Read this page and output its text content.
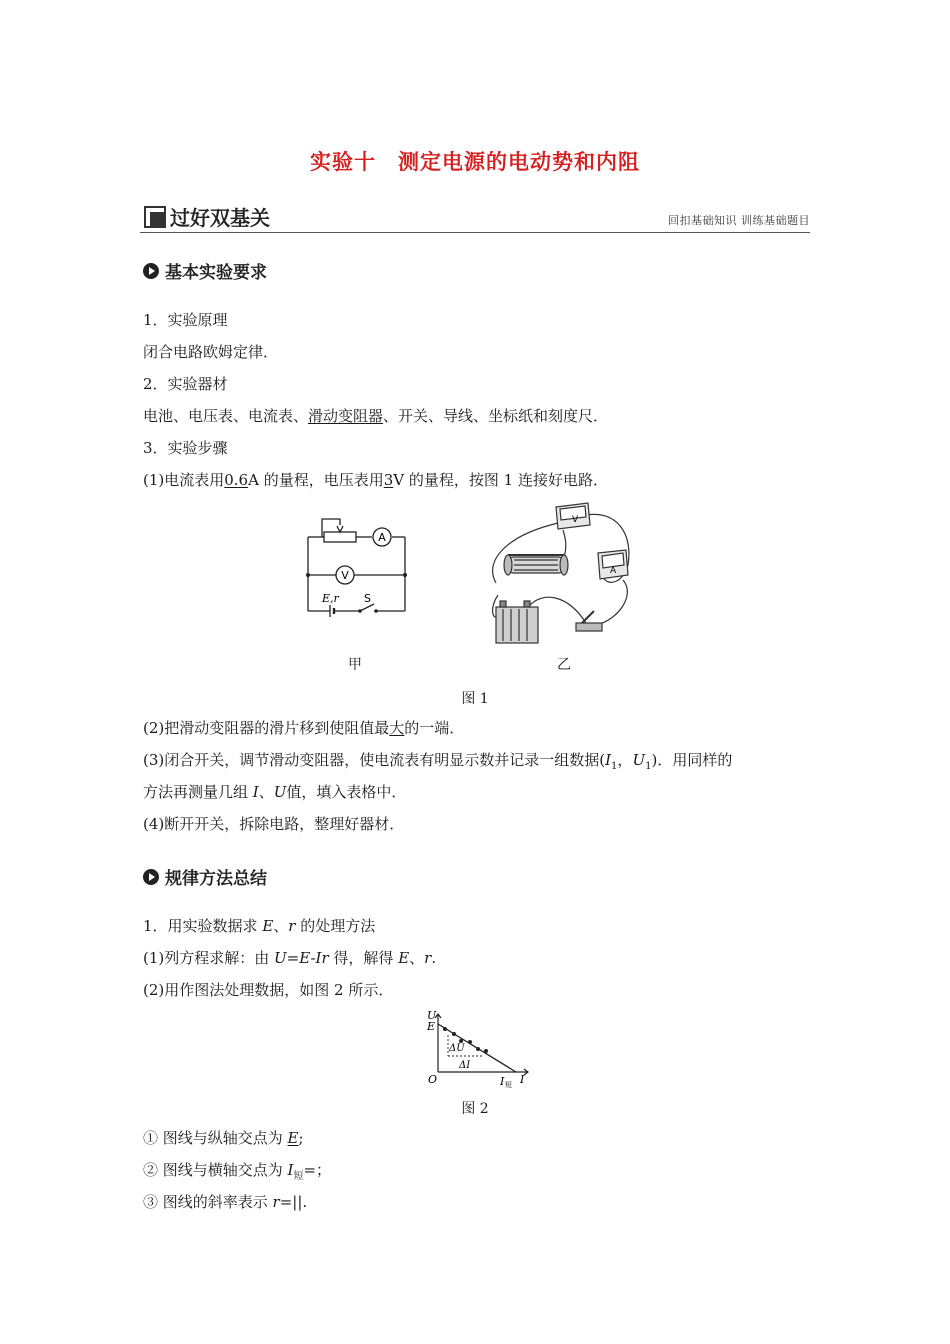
实验十　测定电源的电动势和内阻
过好双基关	回扣基础知识 训练基础题目
基本实验要求
1．实验原理
闭合电路欧姆定律．
2．实验器材
电池、电压表、电流表、滑动变阻器、开关、导线、坐标纸和刻度尺．
3．实验步骤
(1)电流表用0.6A 的量程，电压表用3V 的量程，按图 1 连接好电路．
A
V
E,r S
V
A
甲	乙
图 1
(2)把滑动变阻器的滑片移到使阻值最大的一端．
(3)闭合开关，调节滑动变阻器，使电流表有明显示数并记录一组数据($I_1$，$U_1$)．用同样的
方法再测量几组 I、U值，填入表格中．
(4)断开开关，拆除电路，整理好器材．
规律方法总结
1．用实验数据求 E、r 的处理方法
(1)列方程求解：由 U=E-Ir 得，解得 E、r.
(2)用作图法处理数据，如图 2 所示．
U
E
ΔU
ΔI
O	I 短 I
图 2
① 图线与纵轴交点为 E;
② 图线与横轴交点为 $I_短=$；
③ 图线的斜率表示 r=||.
